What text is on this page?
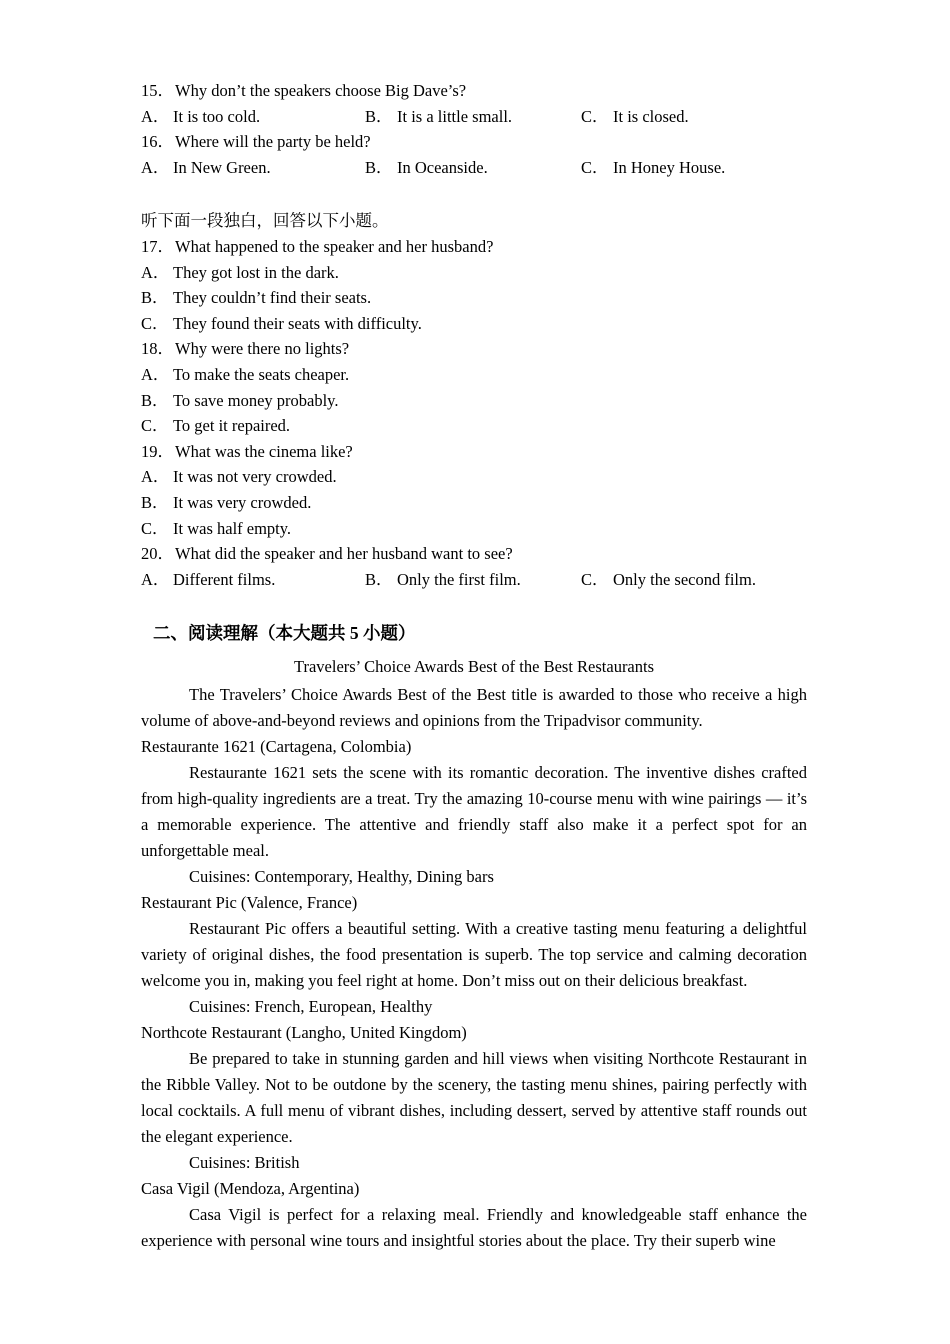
15．Why don’t the speakers choose Big Dave’s?
A． It is too cold.	B． It is a little small.	C． It is closed.
16．Where will the party be held?
A． In New Green.	B． In Oceanside.	C． In Honey House.
听下面一段独白，回答以下小题。
17．What happened to the speaker and her husband?
A． They got lost in the dark.
B． They couldn’t find their seats.
C． They found their seats with difficulty.
18．Why were there no lights?
A． To make the seats cheaper.
B． To save money probably.
C． To get it repaired.
19．What was the cinema like?
A． It was not very crowded.
B． It was very crowded.
C． It was half empty.
20．What did the speaker and her husband want to see?
A． Different films.	B． Only the first film.	C． Only the second film.
二、阅读理解（本大题共 5 小题）
Travelers’ Choice Awards Best of the Best Restaurants

The Travelers’ Choice Awards Best of the Best title is awarded to those who receive a high volume of above-and-beyond reviews and opinions from the Tripadvisor community.

Restaurante 1621 (Cartagena, Colombia)

Restaurante 1621 sets the scene with its romantic decoration. The inventive dishes crafted from high-quality ingredients are a treat. Try the amazing 10-course menu with wine pairings — it’s a memorable experience. The attentive and friendly staff also make it a perfect spot for an unforgettable meal.

Cuisines: Contemporary, Healthy, Dining bars

Restaurant Pic (Valence, France)

Restaurant Pic offers a beautiful setting. With a creative tasting menu featuring a delightful variety of original dishes, the food presentation is superb. The top service and calming decoration welcome you in, making you feel right at home. Don’t miss out on their delicious breakfast.

Cuisines: French, European, Healthy

Northcote Restaurant (Langho, United Kingdom)

Be prepared to take in stunning garden and hill views when visiting Northcote Restaurant in the Ribble Valley. Not to be outdone by the scenery, the tasting menu shines, pairing perfectly with local cocktails. A full menu of vibrant dishes, including dessert, served by attentive staff rounds out the elegant experience.

Cuisines: British

Casa Vigil (Mendoza, Argentina)

Casa Vigil is perfect for a relaxing meal. Friendly and knowledgeable staff enhance the experience with personal wine tours and insightful stories about the place. Try their superb wine
